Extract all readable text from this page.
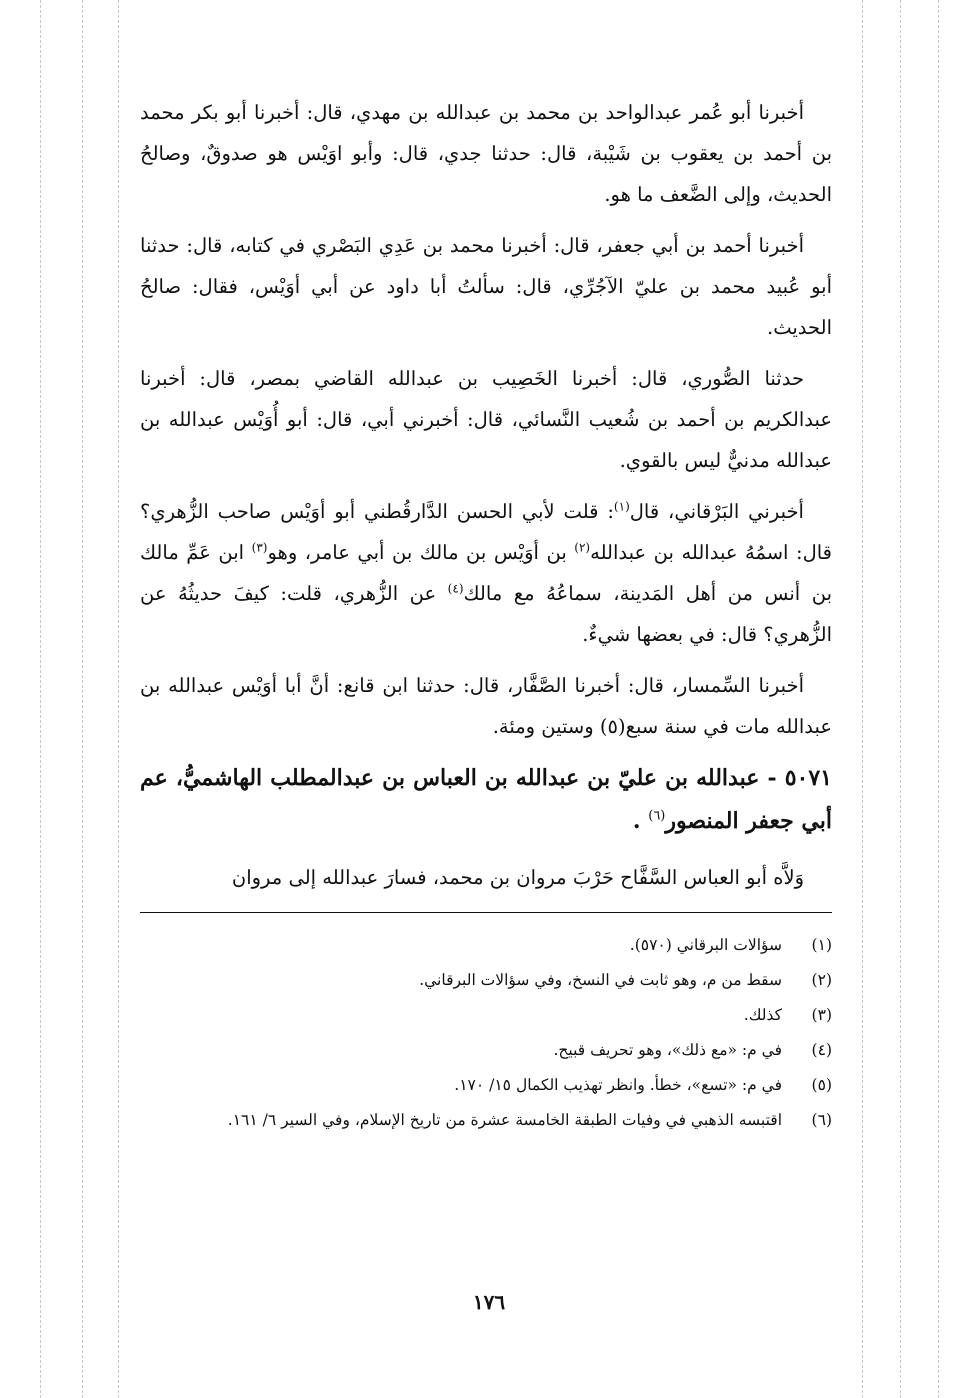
أخبرنا أبو عُمر عبدالواحد بن محمد بن عبدالله بن مهدي، قال: أخبرنا أبو بكر محمد بن أحمد بن يعقوب بن شَيْبة، قال: حدثنا جدي، قال: وأبو اوَيْس هو صدوقٌ، وصالحُ الحديث، وإلى الضَّعف ما هو.

أخبرنا أحمد بن أبي جعفر، قال: أخبرنا محمد بن عَدِي البَصْري في كتابه، قال: حدثنا أبو عُبيد محمد بن عليّ الآجُرِّي، قال: سألتُ أبا داود عن أبي أوَيْس، فقال: صالحُ الحديث.

حدثنا الصُّوري، قال: أخبرنا الخَصِيب بن عبدالله القاضي بمصر، قال: أخبرنا عبدالكريم بن أحمد بن شُعيب النَّسائي، قال: أخبرني أبي، قال: أبو أُوَيْس عبدالله بن عبدالله مدنيٌّ ليس بالقوي.

أخبرني البَرْقاني، قال$^{(١)}$: قلت لأبي الحسن الدَّارقُطني أبو أوَيْس صاحب الزُّهري؟ قال: اسمُهُ عبدالله بن عبدالله$^{(٢)}$ بن أوَيْس بن مالك بن أبي عامر، وهو$^{(٣)}$ ابن عَمِّ مالك بن أنس من أهل المَدينة، سماعُهُ مع مالك$^{(٤)}$ عن الزُّهري، قلت: كيفَ حديثُهُ عن الزُّهري؟ قال: في بعضها شيءٌ.

أخبرنا السِّمسار، قال: أخبرنا الصَّفَّار، قال: حدثنا ابن قانع: أنَّ أبا أوَيْس عبدالله بن عبدالله مات في سنة سبع(٥) وستين ومئة.

٥٠٧١ - عبدالله بن عليّ بن عبدالله بن العباس بن عبدالمطلب الهاشميُّ، عم أبي جعفر المنصور$^{(٦)}$ .

وَلاَّه أبو العباس السَّفَّاح حَرْبَ مروان بن محمد، فسارَ عبدالله إلى مروان

(١)
سؤالات البرقاني (٥٧٠).
(٢)
سقط من م، وهو ثابت في النسخ، وفي سؤالات البرقاني.
(٣)
كذلك.
(٤)
في م: «مع ذلك»، وهو تحريف قبيح.
(٥)
في م: «تسع»، خطأ. وانظر تهذيب الكمال ١٥/ ١٧٠.
(٦)
اقتبسه الذهبي في وفيات الطبقة الخامسة عشرة من تاريخ الإسلام، وفي السير ٦/ ١٦١.
١٧٦
